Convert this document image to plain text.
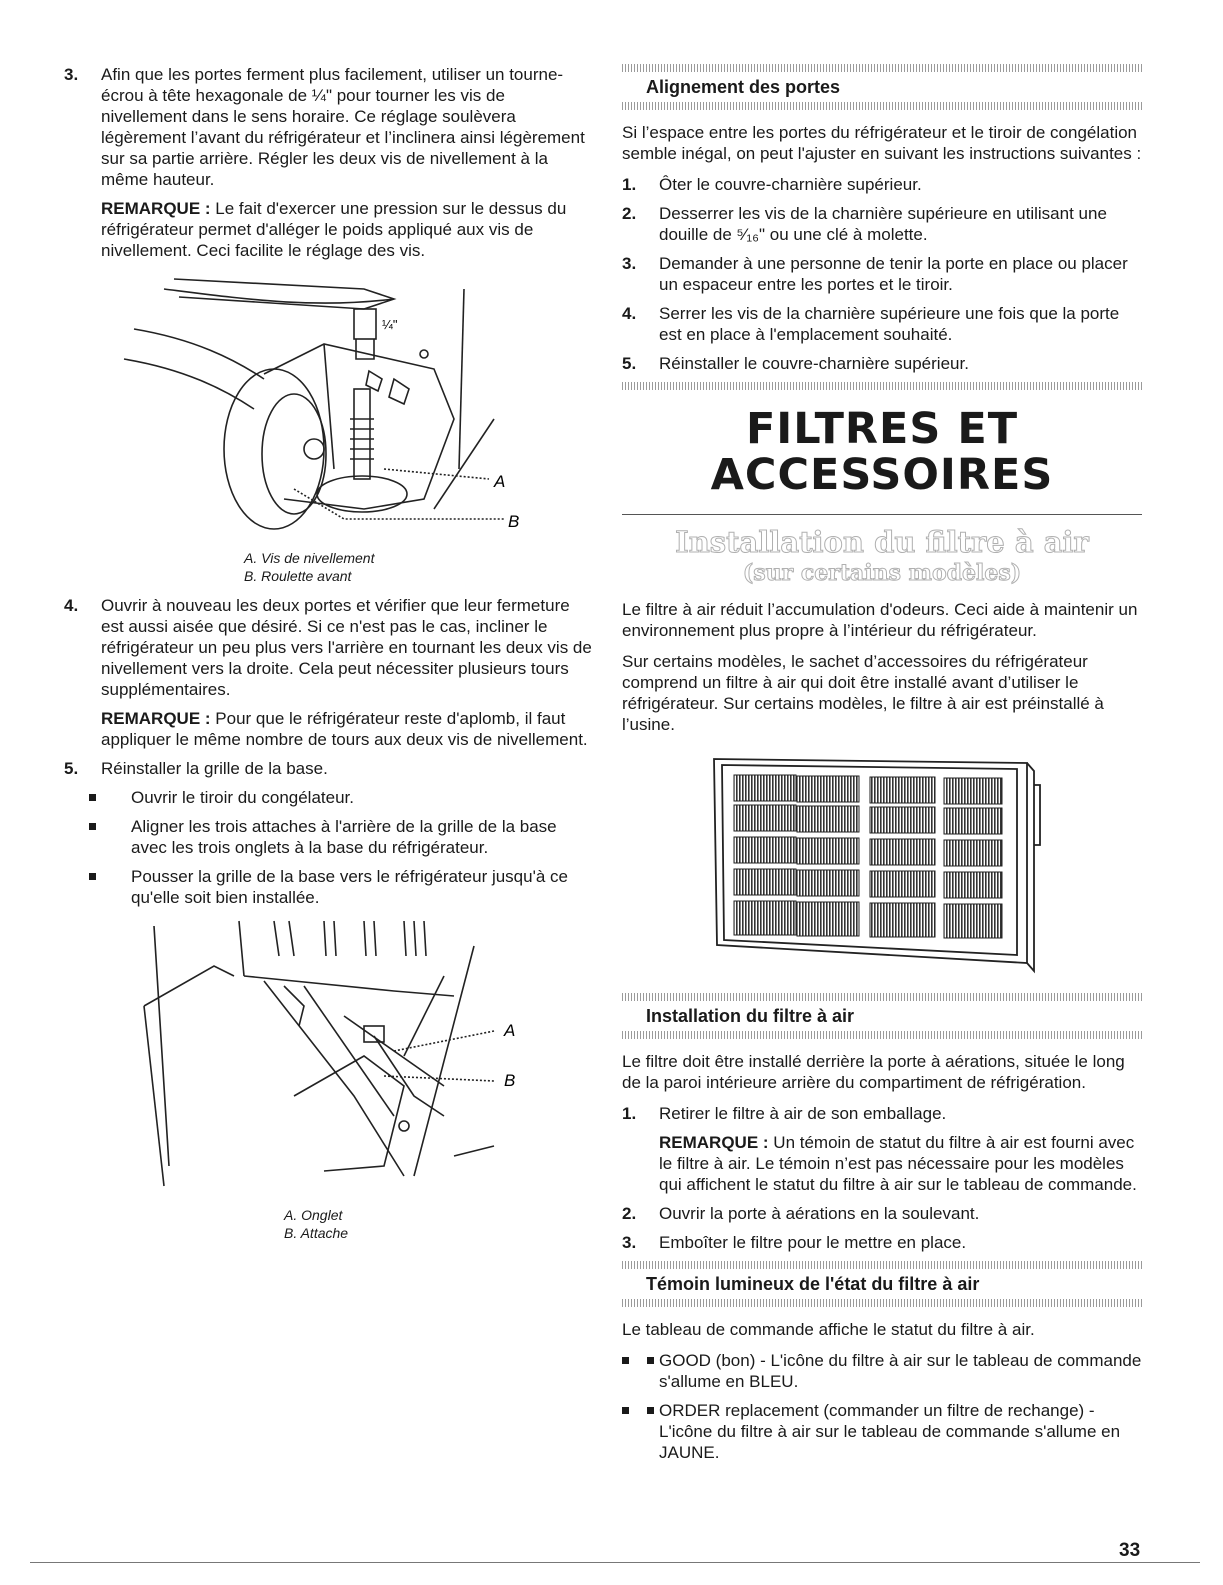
3. Afin que les portes ferment plus facilement, utiliser un tourne-écrou à tête hexagonale de ¼" pour tourner les vis de nivellement dans le sens horaire. Ce réglage soulèvera légèrement l’avant du réfrigérateur et l’inclinera ainsi légèrement sur sa partie arrière. Régler les deux vis de nivellement à la même hauteur.
REMARQUE : Le fait d'exercer une pression sur le dessus du réfrigérateur permet d'alléger le poids appliqué aux vis de nivellement. Ceci facilite le réglage des vis.
¼"
A
B
A. Vis de nivellement
B. Roulette avant
4. Ouvrir à nouveau les deux portes et vérifier que leur fermeture est aussi aisée que désiré. Si ce n'est pas le cas, incliner le réfrigérateur un peu plus vers l'arrière en tournant les deux vis de nivellement vers la droite. Cela peut nécessiter plusieurs tours supplémentaires.
REMARQUE : Pour que le réfrigérateur reste d'aplomb, il faut appliquer le même nombre de tours aux deux vis de nivellement.
5. Réinstaller la grille de la base.
Ouvrir le tiroir du congélateur.
Aligner les trois attaches à l'arrière de la grille de la base avec les trois onglets à la base du réfrigérateur.
Pousser la grille de la base vers le réfrigérateur jusqu'à ce qu'elle soit bien installée.
A
B
A. Onglet
B. Attache
Alignement des portes

Si l’espace entre les portes du réfrigérateur et le tiroir de congélation semble inégal, on peut l'ajuster en suivant les instructions suivantes :

1. Ôter le couvre-charnière supérieur.
2. Desserrer les vis de la charnière supérieure en utilisant une douille de ⁵⁄₁₆" ou une clé à molette.
3. Demander à une personne de tenir la porte en place ou placer un espaceur entre les portes et le tiroir.
4. Serrer les vis de la charnière supérieure une fois que la porte est en place à l'emplacement souhaité.
5. Réinstaller le couvre-charnière supérieur.
FILTRES ET
ACCESSOIRES
Installation du filtre à air
(sur certains modèles)

Le filtre à air réduit l’accumulation d'odeurs. Ceci aide à maintenir un environnement plus propre à l’intérieur du réfrigérateur.

Sur certains modèles, le sachet d’accessoires du réfrigérateur comprend un filtre à air qui doit être installé avant d’utiliser le réfrigérateur. Sur certains modèles, le filtre à air est préinstallé à l’usine.

Installation du filtre à air

Le filtre doit être installé derrière la porte à aérations, située le long de la paroi intérieure arrière du compartiment de réfrigération.

1. Retirer le filtre à air de son emballage.
REMARQUE : Un témoin de statut du filtre à air est fourni avec le filtre à air. Le témoin n’est pas nécessaire pour les modèles qui affichent le statut du filtre à air sur le tableau de commande.
2. Ouvrir la porte à aérations en la soulevant.
3. Emboîter le filtre pour le mettre en place.
Témoin lumineux de l'état du filtre à air

Le tableau de commande affiche le statut du filtre à air.

GOOD (bon) - L'icône du filtre à air sur le tableau de commande s'allume en BLEU.
ORDER replacement (commander un filtre de rechange) - L'icône du filtre à air sur le tableau de commande s'allume en JAUNE.
33
